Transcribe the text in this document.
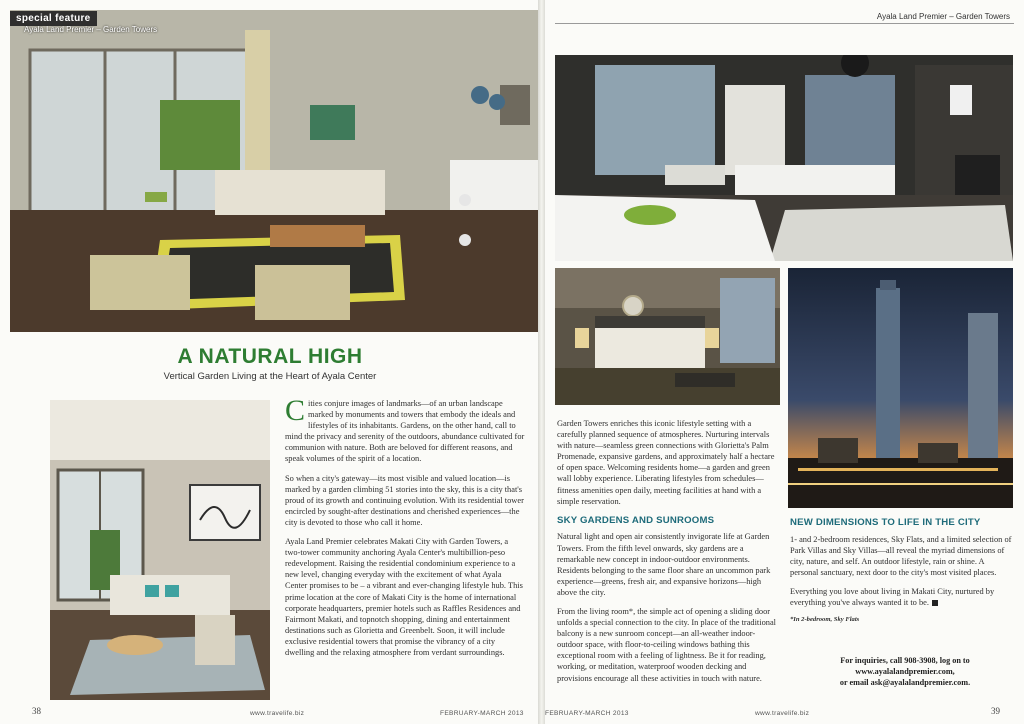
special feature
Ayala Land Premier – Garden Towers
A NATURAL HIGH
Vertical Garden Living at the Heart of Ayala Center

Cities conjure images of landmarks—of an urban landscape marked by monuments and towers that embody the ideals and lifestyles of its inhabitants. Gardens, on the other hand, call to mind the privacy and serenity of the outdoors, abundance cultivated for communion with nature. Both are beloved for different reasons, and speak volumes of the spirit of a location.

So when a city's gateway—its most visible and valued location—is marked by a garden climbing 51 stories into the sky, this is a city that's proud of its growth and continuing evolution. With its residential tower encircled by sought-after destinations and cherished experiences—the city is devoted to those who call it home.

Ayala Land Premier celebrates Makati City with Garden Towers, a two-tower community anchoring Ayala Center's multibillion-peso redevelopment. Raising the residential condominium experience to a new level, changing everyday with the excitement of what Ayala Center promises to be – a vibrant and ever-changing lifestyle hub. This prime location at the core of Makati City is the home of international corporate headquarters, premier hotels such as Raffles Residences and Fairmont Makati, and topnotch shopping, dining and entertainment destinations such as Glorietta and Greenbelt. Soon, it will include exclusive residential towers that promise the vibrancy of a city dwelling and the relaxing atmosphere from verdant surroundings.

38	www.travelife.biz	FEBRUARY-MARCH 2013
Ayala Land Premier – Garden Towers

Garden Towers enriches this iconic lifestyle setting with a carefully planned sequence of atmospheres. Nurturing intervals with nature—seamless green connections with Glorietta's Palm Promenade, expansive gardens, and approximately half a hectare of open space. Welcoming residents home—a garden and green wall lobby experience. Liberating lifestyles from schedules—fitness amenities open daily, meeting facilities at hand with a simple reservation.

SKY GARDENS AND SUNROOMS

Natural light and open air consistently invigorate life at Garden Towers. From the fifth level onwards, sky gardens are a remarkable new concept in indoor-outdoor environments. Residents belonging to the same floor share an uncommon park experience—greens, fresh air, and expansive horizons—high above the city.

From the living room*, the simple act of opening a sliding door unfolds a special connection to the city. In place of the traditional balcony is a new sunroom concept—an all-weather indoor-outdoor space, with floor-to-ceiling windows bathing this exceptional room with a feeling of lightness. Be it for reading, working, or meditation, waterproof wooden decking and provisions encourage all these activities in touch with nature.

NEW DIMENSIONS TO LIFE IN THE CITY

1- and 2-bedroom residences, Sky Flats, and a limited selection of Park Villas and Sky Villas—all reveal the myriad dimensions of city, nature, and self. An outdoor lifestyle, rain or shine. A personal sanctuary, next door to the city's most visited places.

Everything you love about living in Makati City, nurtured by everything you've always wanted it to be.

*In 2-bedroom, Sky Flats

39
FEBRUARY-MARCH 2013	www.travelife.biz
For inquiries, call 908-3908, log on to
www.ayalalandpremier.com,
or email ask@ayalalandpremier.com.
